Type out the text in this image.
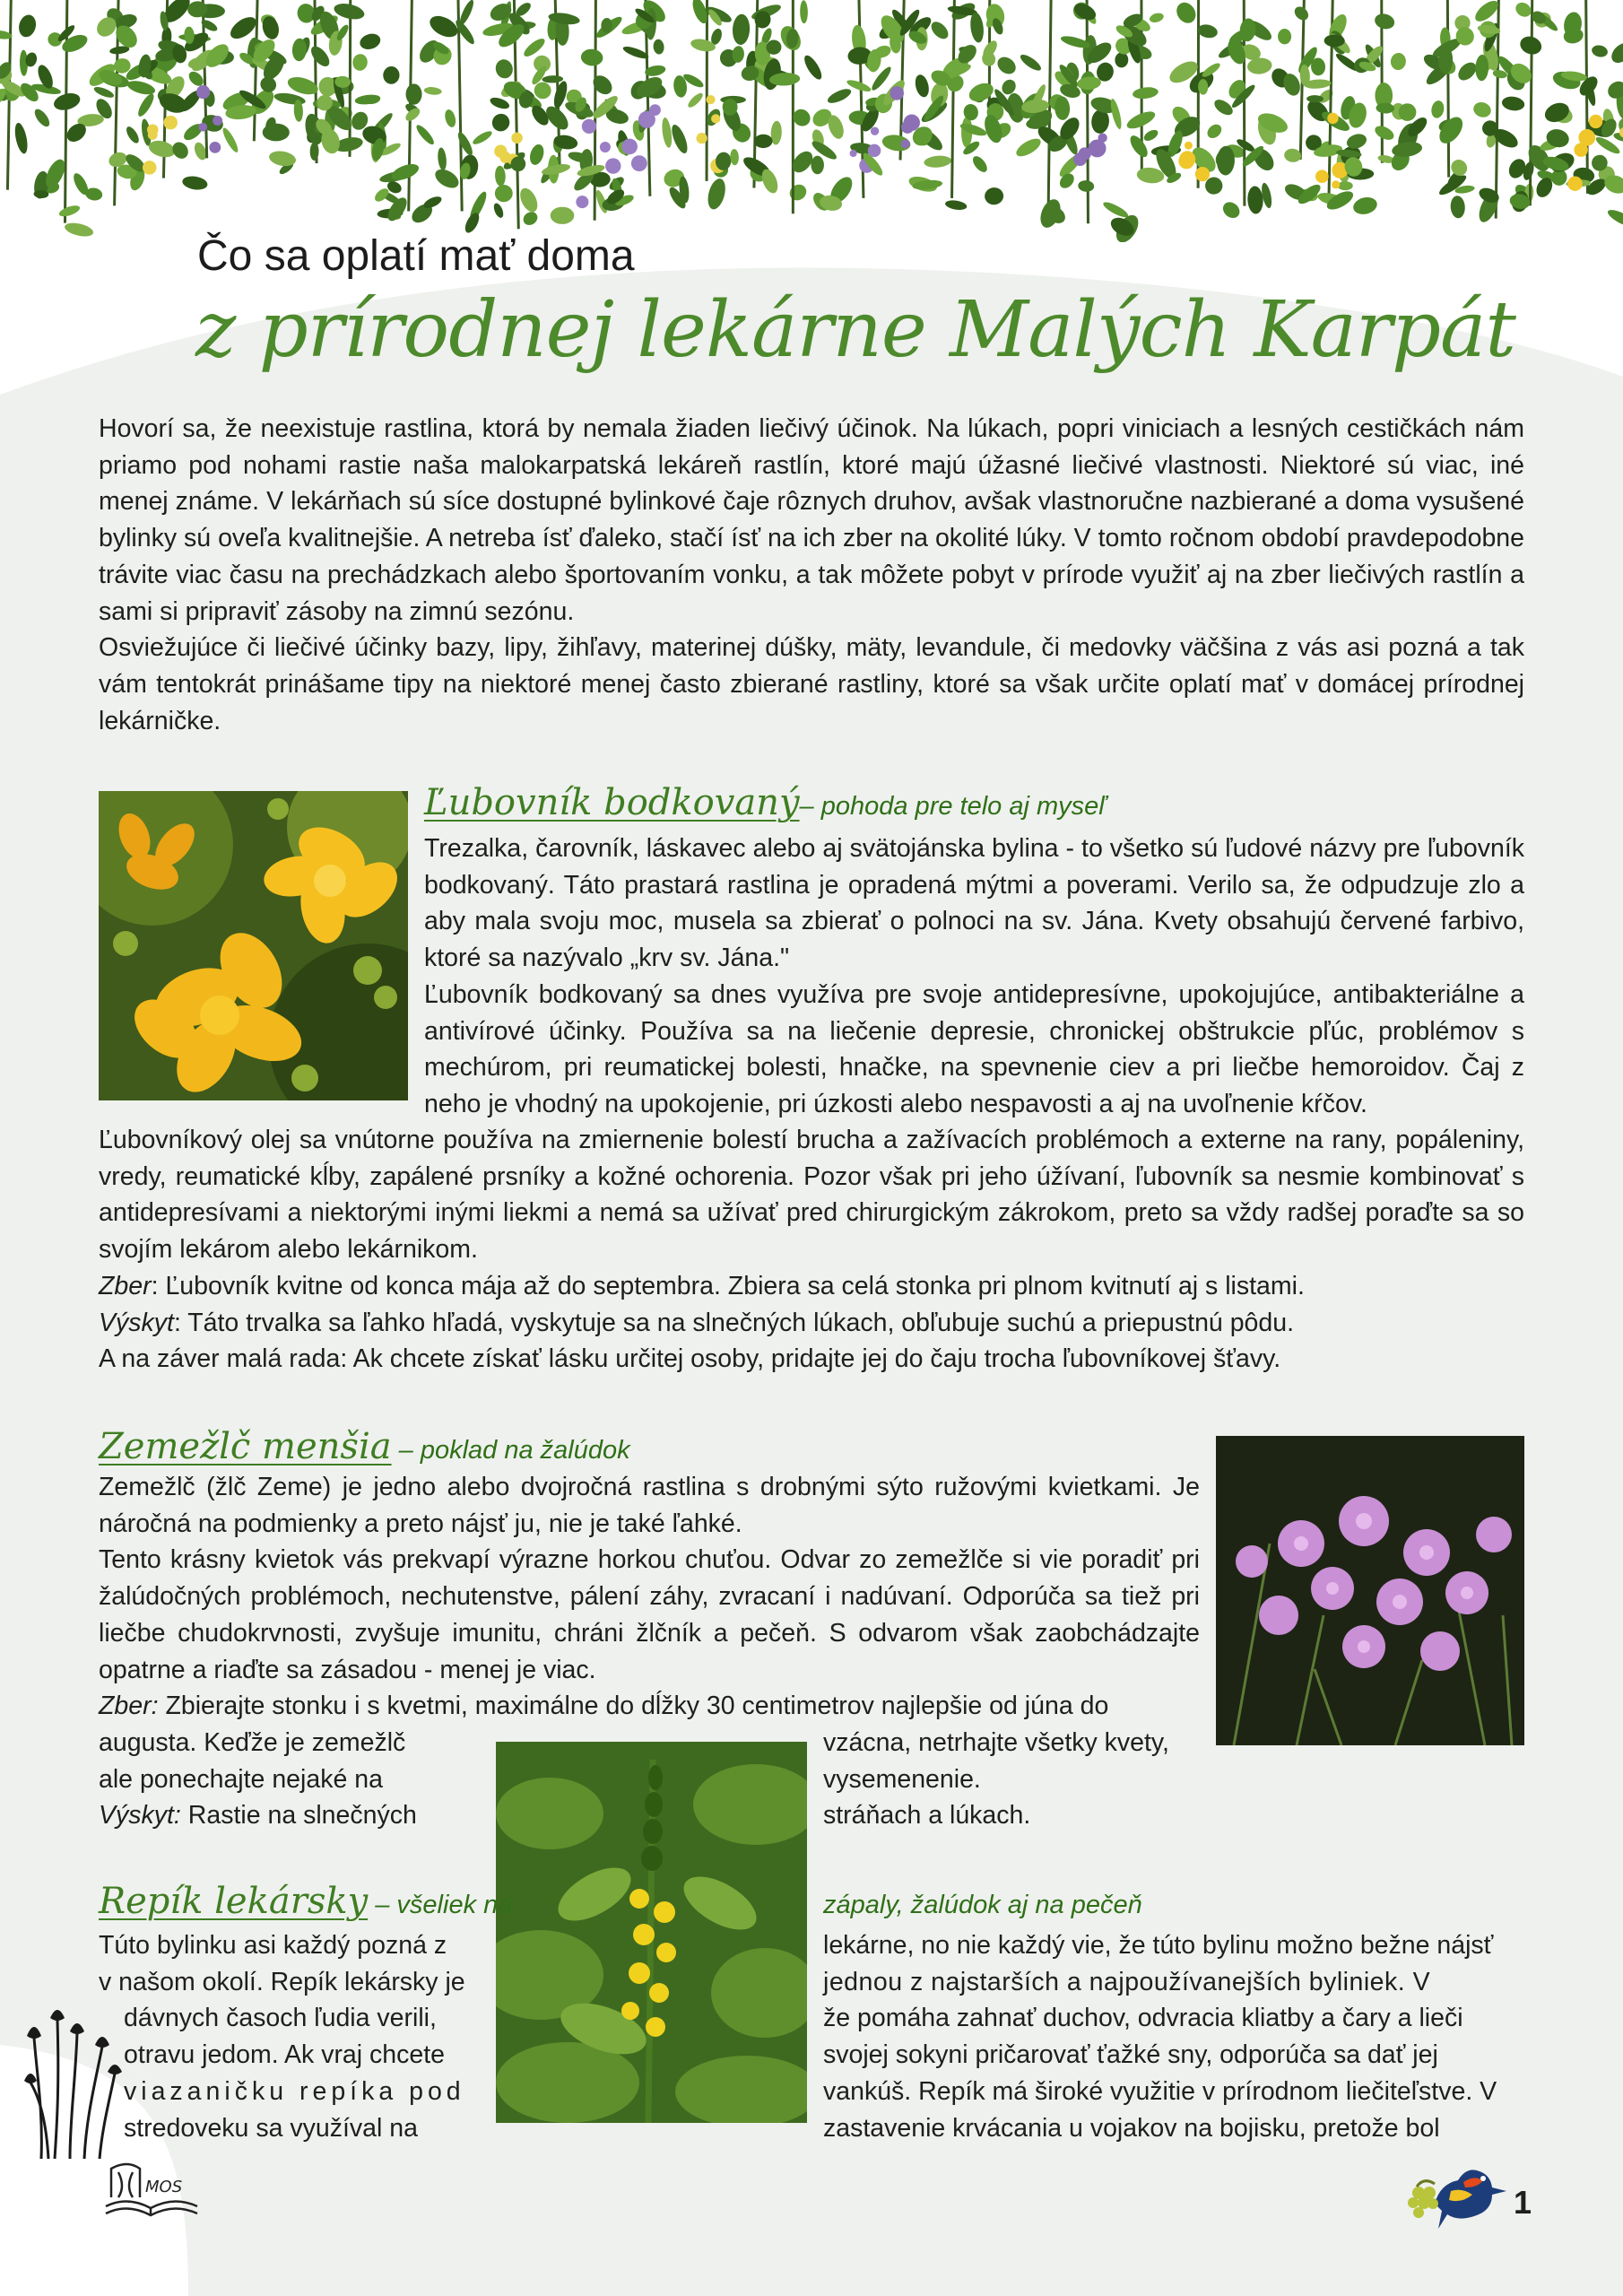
Čo sa oplatí mať doma
z prírodnej lekárne Malých Karpát

Hovorí sa, že neexistuje rastlina, ktorá by nemala žiaden liečivý účinok. Na lúkach, popri viniciach a lesných cestičkách nám priamo pod nohami rastie naša malokarpatská lekáreň rastlín, ktoré majú úžasné liečivé vlastnosti. Niektoré sú viac, iné menej známe. V lekárňach sú síce dostupné bylinkové čaje rôznych druhov, avšak vlastnoručne nazbierané a doma vysušené bylinky sú oveľa kvalitnejšie. A netreba ísť ďaleko, stačí ísť na ich zber na okolité lúky. V tomto ročnom období pravdepodobne trávite viac času na prechádzkach alebo športovaním vonku, a tak môžete pobyt v prírode využiť aj na zber liečivých rastlín a sami si pripraviť zásoby na zimnú sezónu.

Osviežujúce či liečivé účinky bazy, lipy, žihľavy, materinej dúšky, mäty, levandule, či medovky väčšina z vás asi pozná a tak vám tentokrát prinášame tipy na niektoré menej často zbierané rastliny, ktoré sa však určite oplatí mať v domácej prírodnej lekárničke.

Ľubovník bodkovaný– pohoda pre telo aj myseľ

Trezalka, čarovník, láskavec alebo aj svätojánska bylina - to všetko sú ľudové názvy pre ľubovník bodkovaný. Táto prastará rastlina je opradená mýtmi a poverami. Verilo sa, že odpudzuje zlo a aby mala svoju moc, musela sa zbierať o polnoci na sv. Jána. Kvety obsahujú červené farbivo, ktoré sa nazývalo „krv sv. Jána."

Ľubovník bodkovaný sa dnes využíva pre svoje antidepresívne, upokojujúce, antibakteriálne a antivírové účinky. Používa sa na liečenie depresie, chronickej obštrukcie pľúc, problémov s mechúrom, pri reumatickej bolesti, hnačke, na spevnenie ciev a pri liečbe hemoroidov. Čaj z neho je vhodný na upokojenie, pri úzkosti alebo nespavosti a aj na uvoľnenie kŕčov.

Ľubovníkový olej sa vnútorne používa na zmiernenie bolestí brucha a zažívacích problémoch a externe na rany, popáleniny, vredy, reumatické kĺby, zapálené prsníky a kožné ochorenia. Pozor však pri jeho úžívaní, ľubovník sa nesmie kombinovať s antidepresívami a niektorými inými liekmi a nemá sa užívať pred chirurgickým zákrokom, preto sa vždy radšej poraďte sa so svojím lekárom alebo lekárnikom.

Zber: Ľubovník kvitne od konca mája až do septembra. Zbiera sa celá stonka pri plnom kvitnutí aj s listami.

Výskyt: Táto trvalka sa ľahko hľadá, vyskytuje sa na slnečných lúkach, obľubuje suchú a priepustnú pôdu.

A na záver malá rada: Ak chcete získať lásku určitej osoby, pridajte jej do čaju trocha ľubovníkovej šťavy.

Zemežlč menšia – poklad na žalúdok

Zemežlč (žlč Zeme) je jedno alebo dvojročná rastlina s drobnými sýto ružovými kvietkami. Je náročná na podmienky a preto nájsť ju, nie je také ľahké.

Tento krásny kvietok vás prekvapí výrazne horkou chuťou. Odvar zo zemežlče si vie poradiť pri žalúdočných problémoch, nechutenstve, pálení záhy, zvracaní i nadúvaní. Odporúča sa tiež pri liečbe chudokrvnosti, zvyšuje imunitu, chráni žlčník a pečeň. S odvarom však zaobchádzajte opatrne a riaďte sa zásadou - menej je viac.

Zber: Zbierajte stonku i s kvetmi, maximálne do dĺžky 30 centimetrov najlepšie od júna do

augusta. Keďže je zemežlč

ale ponechajte nejaké na

Výskyt: Rastie na slnečných

vzácna, netrhajte všetky kvety,

vysemenenie.

stráňach a lúkach.

Repík lekársky – všeliek na	zápaly, žalúdok aj na pečeň

Túto bylinku asi každý pozná z

v našom okolí. Repík lekársky je

dávnych časoch ľudia verili,

otravu jedom. Ak vraj chcete

viazaničku repíka pod

stredoveku sa využíval na

lekárne, no nie každý vie, že túto bylinu možno bežne nájsť

jednou z najstarších a najpoužívanejších byliniek. V

že pomáha zahnať duchov, odvracia kliatby a čary a lieči

svojej sokyni pričarovať ťažké sny, odporúča sa dať jej

vankúš. Repík má široké využitie v prírodnom liečiteľstve. V

zastavenie krvácania u vojakov na bojisku, pretože bol

MOS	1
